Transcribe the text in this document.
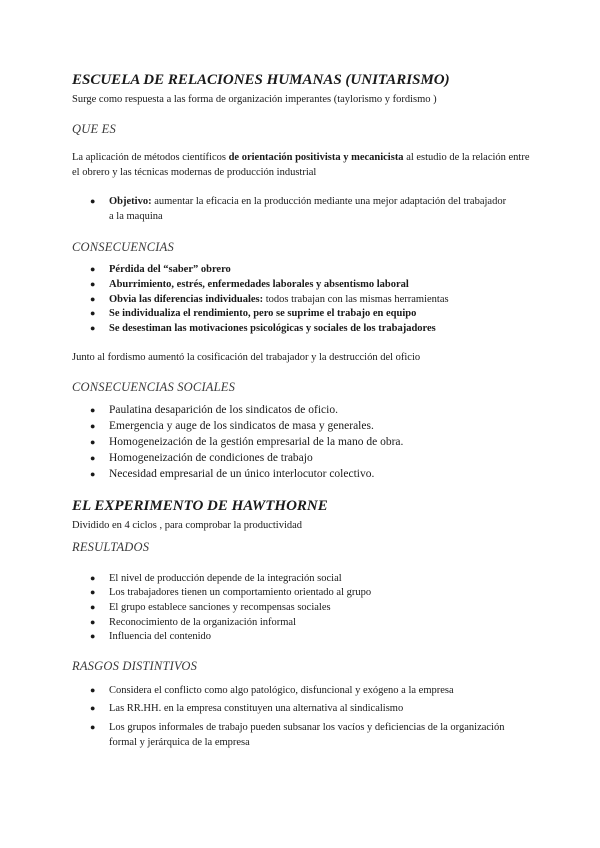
ESCUELA DE RELACIONES HUMANAS (UNITARISMO)
Surge como respuesta a las forma de organización imperantes (taylorismo y fordismo )
QUE ES
La aplicación de métodos científicos de orientación positivista y mecanicista al estudio de la relación entre el obrero y las técnicas modernas de producción industrial
●	Objetivo: aumentar la eficacia en la producción mediante una mejor adaptación del trabajador a la maquina
CONSECUENCIAS
●	Pérdida del “saber” obrero
●	Aburrimiento, estrés, enfermedades laborales y absentismo laboral
●	Obvia las diferencias individuales: todos trabajan con las mismas herramientas
●	Se individualiza el rendimiento, pero se suprime el trabajo en equipo
●	Se desestiman las motivaciones psicológicas y sociales de los trabajadores
Junto al fordismo aumentó la cosificación del trabajador y la destrucción del oficio
CONSECUENCIAS SOCIALES
●	Paulatina desaparición de los sindicatos de oficio.
●	Emergencia y auge de los sindicatos de masa y generales.
●	Homogeneización de la gestión empresarial de la mano de obra.
●	Homogeneización de condiciones de trabajo
●	Necesidad empresarial de un único interlocutor colectivo.
EL EXPERIMENTO DE HAWTHORNE
Dividido en 4 ciclos , para comprobar la productividad
RESULTADOS
●	El nivel de producción depende de la integración social
●	Los trabajadores tienen un comportamiento orientado al grupo
●	El grupo establece sanciones y recompensas sociales
●	Reconocimiento de la organización informal
●	Influencia del contenido
RASGOS DISTINTIVOS
●	Considera el conflicto como algo patológico, disfuncional y exógeno a la empresa
●	Las RR.HH. en la empresa constituyen una alternativa al sindicalismo
●	Los grupos informales de trabajo pueden subsanar los vacíos y deficiencias de la organización formal y jerárquica de la empresa
